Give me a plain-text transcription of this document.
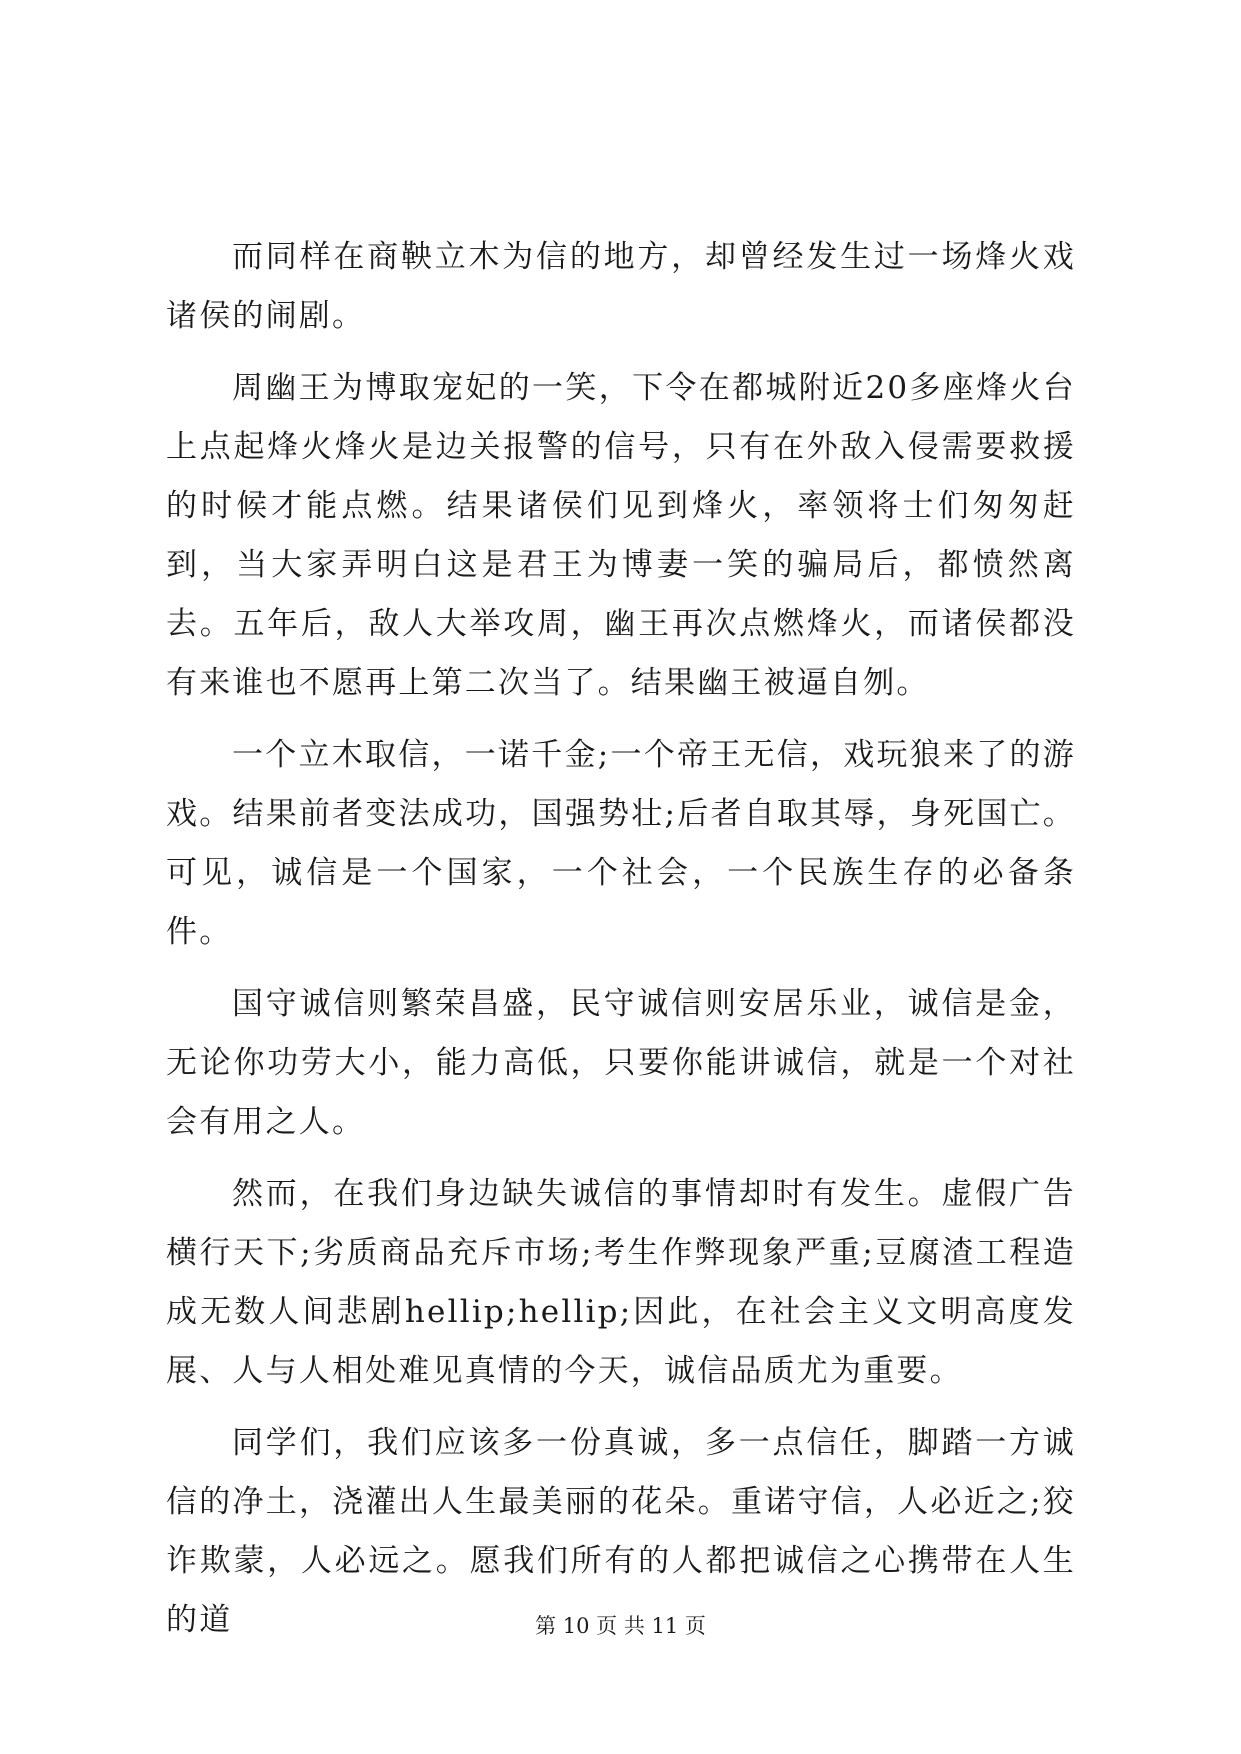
而同样在商鞅立木为信的地方，却曾经发生过一场烽火戏诸侯的闹剧。

周幽王为博取宠妃的一笑，下令在都城附近20多座烽火台上点起烽火烽火是边关报警的信号，只有在外敌入侵需要救援的时候才能点燃。结果诸侯们见到烽火，率领将士们匆匆赶到，当大家弄明白这是君王为博妻一笑的骗局后，都愤然离去。五年后，敌人大举攻周，幽王再次点燃烽火，而诸侯都没有来谁也不愿再上第二次当了。结果幽王被逼自刎。

一个立木取信，一诺千金;一个帝王无信，戏玩狼来了的游戏。结果前者变法成功，国强势壮;后者自取其辱，身死国亡。可见，诚信是一个国家，一个社会，一个民族生存的必备条件。

国守诚信则繁荣昌盛，民守诚信则安居乐业，诚信是金，无论你功劳大小，能力高低，只要你能讲诚信，就是一个对社会有用之人。

然而，在我们身边缺失诚信的事情却时有发生。虚假广告横行天下;劣质商品充斥市场;考生作弊现象严重;豆腐渣工程造成无数人间悲剧hellip;hellip;因此，在社会主义文明高度发展、人与人相处难见真情的今天，诚信品质尤为重要。

同学们，我们应该多一份真诚，多一点信任，脚踏一方诚信的净土，浇灌出人生最美丽的花朵。重诺守信，人必近之;狡诈欺蒙，人必远之。愿我们所有的人都把诚信之心携带在人生的道	第 10 页 共 11 页
